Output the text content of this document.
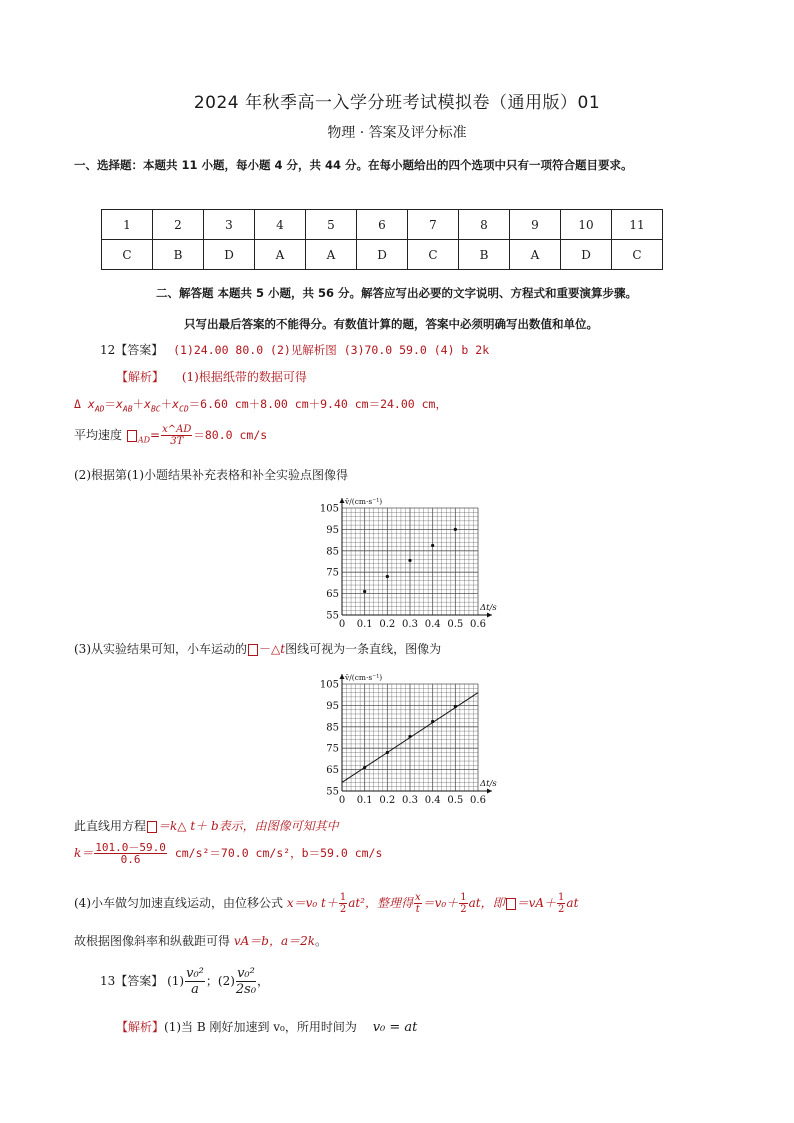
2024 年秋季高一入学分班考试模拟卷（通用版）01
物理 · 答案及评分标准
一、选择题：本题共 11 小题，每小题 4 分，共 44 分。在每小题给出的四个选项中只有一项符合题目要求。
1	2	3	4	5	6	7	8	9	10	11
C	B	D	A	A	D	C	B	A	D	C
二、解答题 本题共 5 小题，共 56 分。解答应写出必要的文字说明、方程式和重要演算步骤。
只写出最后答案的不能得分。有数值计算的题，答案中必须明确写出数值和单位。
12【答案】 (1)24.00 80.0 (2)见解析图 (3)70.0 59.0 (4) b 2k
【解析】 (1)根据纸带的数据可得
Δ $x_{AD}=x_{AB}+x_{BC}+x_{CD}=6.60$ cm＋8.00 cm＋9.40 cm＝24.00 cm，
平均速度 $_{AD}= \frac{x\^{}AD}{3T} =80.0$ cm/s
(2)根据第(1)小题结果补充表格和补全实验点图像得
0 0.1 0.2 0.3 0.4 0.5 0.6
55
65
75
85
95
105
Δt/s
v̄/(cm·s⁻¹)
(3)从实验结果可知，小车运动的 －△t图线可视为一条直线，图像为
0 0.1 0.2 0.3 0.4 0.5 0.6
55
65
75
85
95
105
Δt/s
v̄/(cm·s⁻¹)
此直线用方程 ＝k△ t＋ b表示，由图像可知其中
$k= \frac{101.0-59.0}{0.6} cm/s^2=70.0$ cm/s²，b＝59.0 cm/s
(4)小车做匀加速直线运动，由位移公式 x＝v₀ $t+ \frac{1}{2} at^2$，整理得 $\frac{x}{t} =v_0+ \frac{1}{2}$ at，即 $=vA+ \frac{1}{2}$ at
故根据图像斜率和纵截距可得 vA＝b，a＝2k。
13【答案】 $(1) \frac{\text{v₀²}}{a}$ ；$(2) \frac{\text{v₀²}}{\text{2s₀}}$ ，
【解析】(1)当 B 刚好加速到 v₀，所用时间为 v₀ = at
